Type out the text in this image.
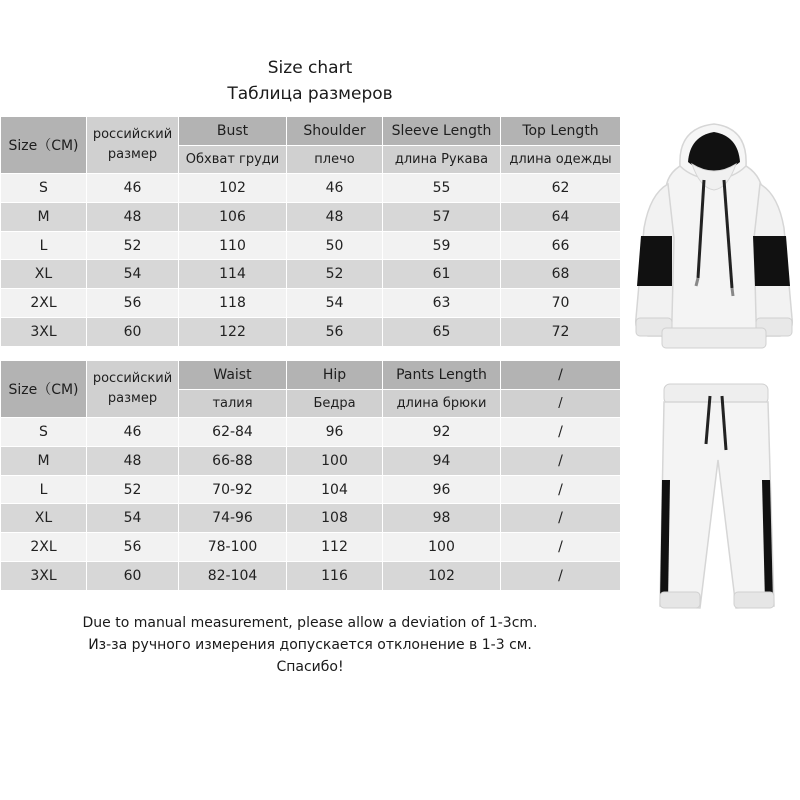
Size chart
Таблица размеров
Size（CM)	российский размер	Bust	Shoulder	Sleeve Length	Top Length
		Обхват груди	плечо	длина Рукава	длина одежды
S	46	102	46	55	62
M	48	106	48	57	64
L	52	110	50	59	66
XL	54	114	52	61	68
2XL	56	118	54	63	70
3XL	60	122	56	65	72
Size（CM)	российский размер	Waist	Hip	Pants Length	/
		талия	Бедра	длина брюки	/
S	46	62-84	96	92	/
M	48	66-88	100	94	/
L	52	70-92	104	96	/
XL	54	74-96	108	98	/
2XL	56	78-100	112	100	/
3XL	60	82-104	116	102	/
Due to manual measurement, please allow a deviation of 1-3cm.
Из-за ручного измерения допускается отклонение в 1-3 см.
Спасибо!
